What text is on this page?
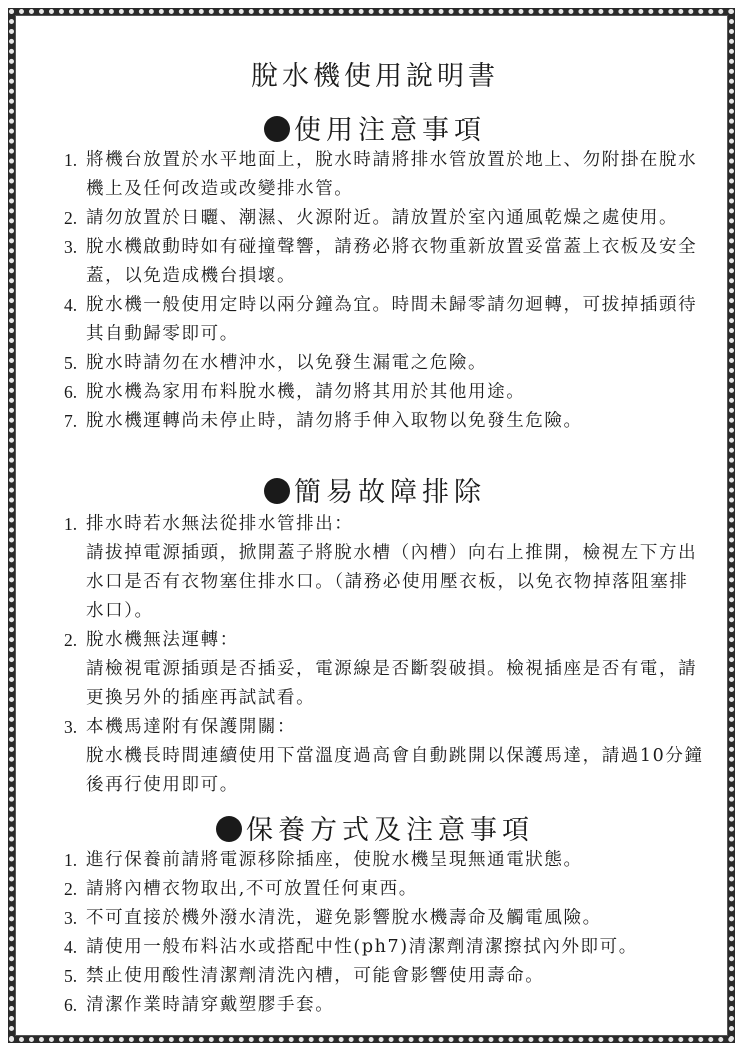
脫水機使用說明書
使用注意事項
1. 將機台放置於水平地面上，脫水時請將排水管放置於地上、勿附掛在脫水機上及任何改造或改變排水管。
2. 請勿放置於日曬、潮濕、火源附近。請放置於室內通風乾燥之處使用。
3. 脫水機啟動時如有碰撞聲響，請務必將衣物重新放置妥當蓋上衣板及安全蓋，以免造成機台損壞。
4. 脫水機一般使用定時以兩分鐘為宜。時間未歸零請勿迴轉，可拔掉插頭待其自動歸零即可。
5. 脫水時請勿在水槽沖水，以免發生漏電之危險。
6. 脫水機為家用布料脫水機，請勿將其用於其他用途。
7. 脫水機運轉尚未停止時，請勿將手伸入取物以免發生危險。
簡易故障排除
1. 排水時若水無法從排水管排出：
請拔掉電源插頭，掀開蓋子將脫水槽（內槽）向右上推開，檢視左下方出水口是否有衣物塞住排水口。（請務必使用壓衣板，以免衣物掉落阻塞排水口）。
2. 脫水機無法運轉：
請檢視電源插頭是否插妥，電源線是否斷裂破損。檢視插座是否有電，請更換另外的插座再試試看。
3. 本機馬達附有保護開關：
脫水機長時間連續使用下當溫度過高會自動跳開以保護馬達，請過10分鐘後再行使用即可。
保養方式及注意事項
1. 進行保養前請將電源移除插座，使脫水機呈現無通電狀態。
2. 請將內槽衣物取出,不可放置任何東西。
3. 不可直接於機外潑水清洗，避免影響脫水機壽命及觸電風險。
4. 請使用一般布料沾水或搭配中性(ph7)清潔劑清潔擦拭內外即可。
5. 禁止使用酸性清潔劑清洗內槽，可能會影響使用壽命。
6. 清潔作業時請穿戴塑膠手套。
